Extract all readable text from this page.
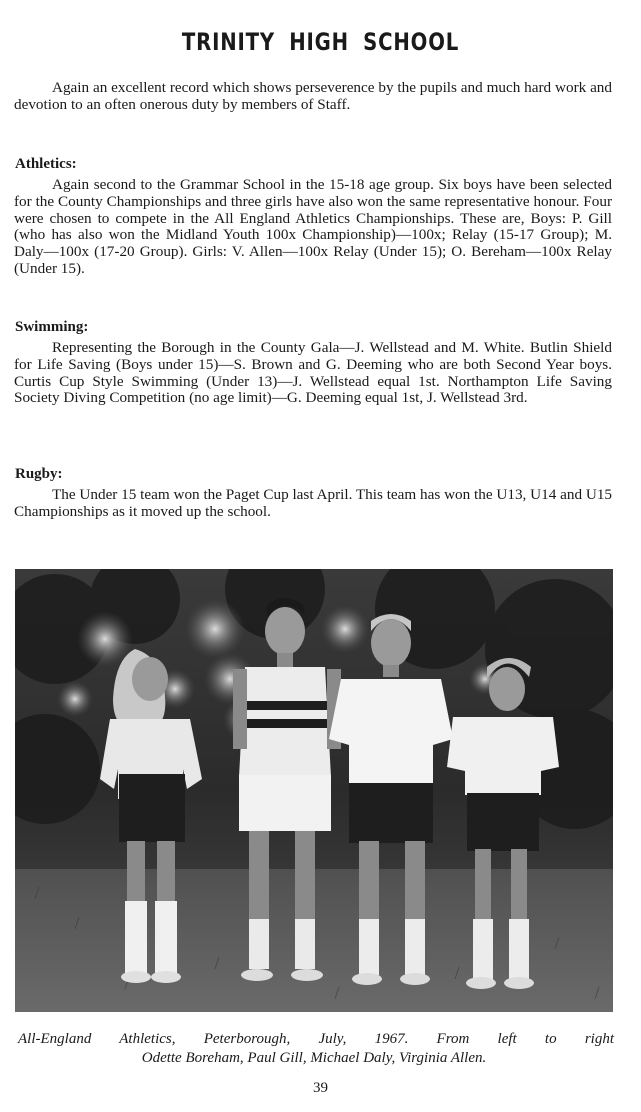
TRINITY HIGH SCHOOL

Again an excellent record which shows perseverence by the pupils and much hard work and devotion to an often onerous duty by members of Staff.

Athletics:

Again second to the Grammar School in the 15-18 age group. Six boys have been selected for the County Championships and three girls have also won the same representative honour. Four were chosen to compete in the All England Athletics Championships. These are, Boys: P. Gill (who has also won the Midland Youth 100x Championship)—100x; Relay (15-17 Group); M. Daly—100x (17-20 Group). Girls: V. Allen—100x Relay (Under 15); O. Bereham—100x Relay (Under 15).

Swimming:

Representing the Borough in the County Gala—J. Wellstead and M. White. Butlin Shield for Life Saving (Boys under 15)—S. Brown and G. Deeming who are both Second Year boys. Curtis Cup Style Swimming (Under 13)—J. Wellstead equal 1st. Northampton Life Saving Society Diving Competition (no age limit)—G. Deeming equal 1st, J. Wellstead 3rd.

Rugby:

The Under 15 team won the Paget Cup last April. This team has won the U13, U14 and U15 Championships as it moved up the school.

All-England Athletics, Peterborough, July, 1967. From left to right
Odette Boreham, Paul Gill, Michael Daly, Virginia Allen.
39
